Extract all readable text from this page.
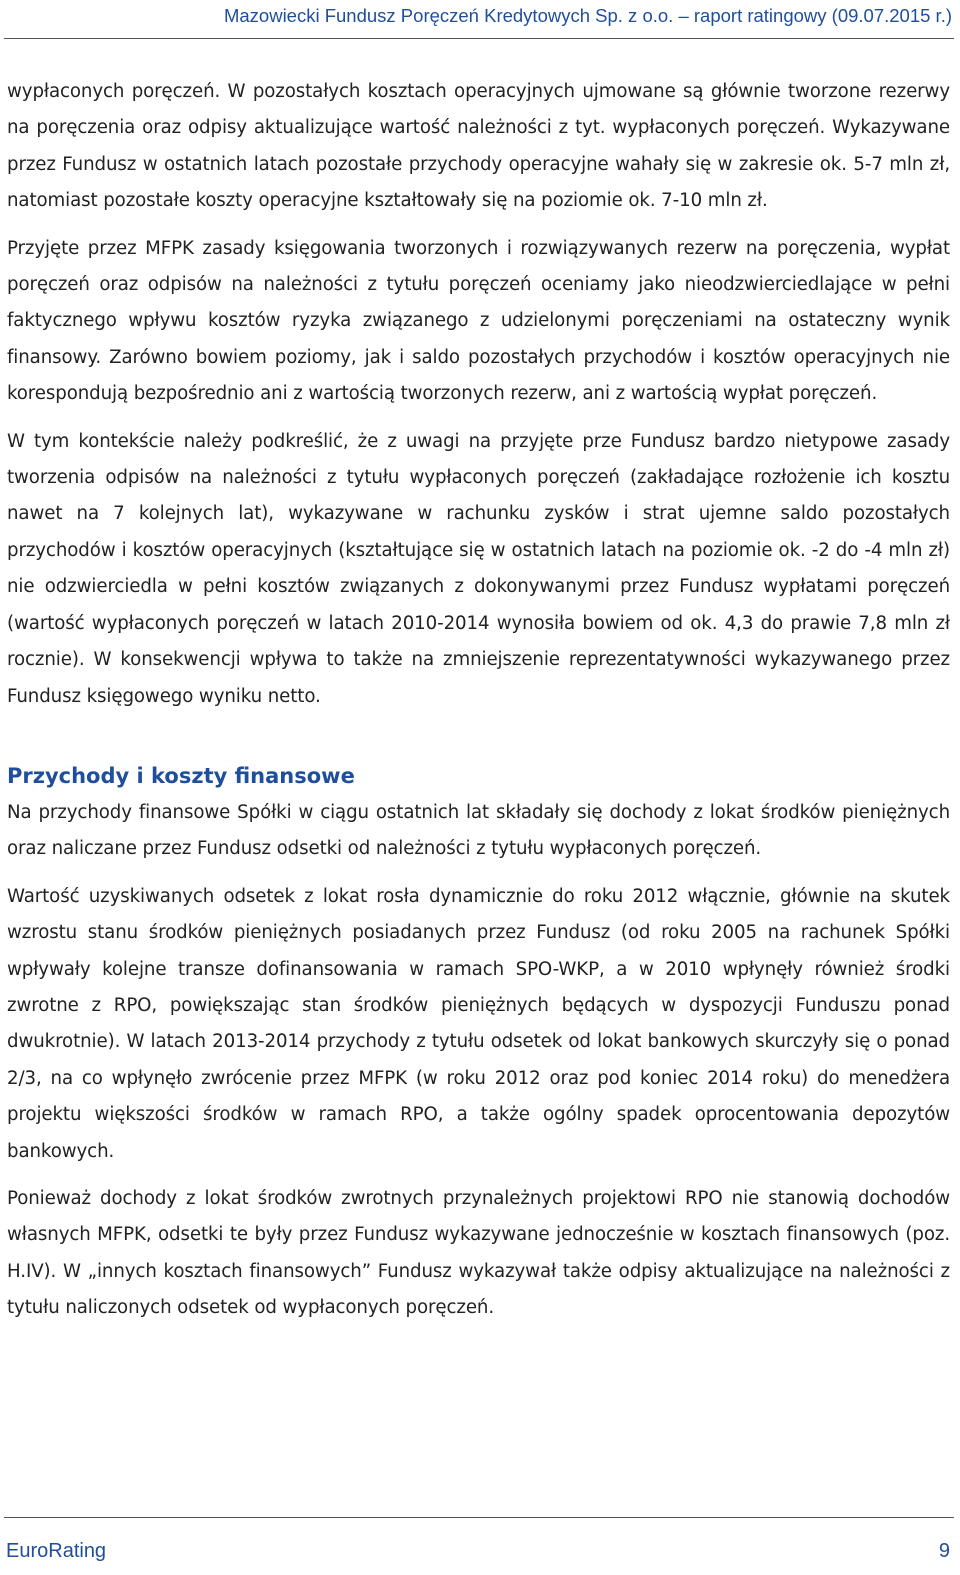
Mazowiecki Fundusz Poręczeń Kredytowych Sp. z o.o. – raport ratingowy (09.07.2015 r.)

wypłaconych poręczeń. W pozostałych kosztach operacyjnych ujmowane są głównie tworzone rezerwy na poręczenia oraz odpisy aktualizujące wartość należności z tyt. wypłaconych poręczeń. Wykazywane przez Fundusz w ostatnich latach pozostałe przychody operacyjne wahały się w zakresie ok. 5-7 mln zł, natomiast pozostałe koszty operacyjne kształtowały się na poziomie ok. 7-10 mln zł.

Przyjęte przez MFPK zasady księgowania tworzonych i rozwiązywanych rezerw na poręczenia, wypłat poręczeń oraz odpisów na należności z tytułu poręczeń oceniamy jako nieodzwierciedlające w pełni faktycznego wpływu kosztów ryzyka związanego z udzielonymi poręczeniami na ostateczny wynik finansowy. Zarówno bowiem poziomy, jak i saldo pozostałych przychodów i kosztów operacyjnych nie korespondują bezpośrednio ani z wartością tworzonych rezerw, ani z wartością wypłat poręczeń.

W tym kontekście należy podkreślić, że z uwagi na przyjęte prze Fundusz bardzo nietypowe zasady tworzenia odpisów na należności z tytułu wypłaconych poręczeń (zakładające rozłożenie ich kosztu nawet na 7 kolejnych lat), wykazywane w rachunku zysków i strat ujemne saldo pozostałych przychodów i kosztów operacyjnych (kształtujące się w ostatnich latach na poziomie ok. -2 do -4 mln zł) nie odzwierciedla w pełni kosztów związanych z dokonywanymi przez Fundusz wypłatami poręczeń (wartość wypłaconych poręczeń w latach 2010-2014 wynosiła bowiem od ok. 4,3 do prawie 7,8 mln zł rocznie). W konsekwencji wpływa to także na zmniejszenie reprezentatywności wykazywanego przez Fundusz księgowego wyniku netto.

Przychody i koszty finansowe

Na przychody finansowe Spółki w ciągu ostatnich lat składały się dochody z lokat środków pieniężnych oraz naliczane przez Fundusz odsetki od należności z tytułu wypłaconych poręczeń.

Wartość uzyskiwanych odsetek z lokat rosła dynamicznie do roku 2012 włącznie, głównie na skutek wzrostu stanu środków pieniężnych posiadanych przez Fundusz (od roku 2005 na rachunek Spółki wpływały kolejne transze dofinansowania w ramach SPO-WKP, a w 2010 wpłynęły również środki zwrotne z RPO, powiększając stan środków pieniężnych będących w dyspozycji Funduszu ponad dwukrotnie). W latach 2013-2014 przychody z tytułu odsetek od lokat bankowych skurczyły się o ponad 2/3, na co wpłynęło zwrócenie przez MFPK (w roku 2012 oraz pod koniec 2014 roku) do menedżera projektu większości środków w ramach RPO, a także ogólny spadek oprocentowania depozytów bankowych.

Ponieważ dochody z lokat środków zwrotnych przynależnych projektowi RPO nie stanowią dochodów własnych MFPK, odsetki te były przez Fundusz wykazywane jednocześnie w kosztach finansowych (poz. H.IV). W „innych kosztach finansowych” Fundusz wykazywał także odpisy aktualizujące na należności z tytułu naliczonych odsetek od wypłaconych poręczeń.

EuroRating	9
